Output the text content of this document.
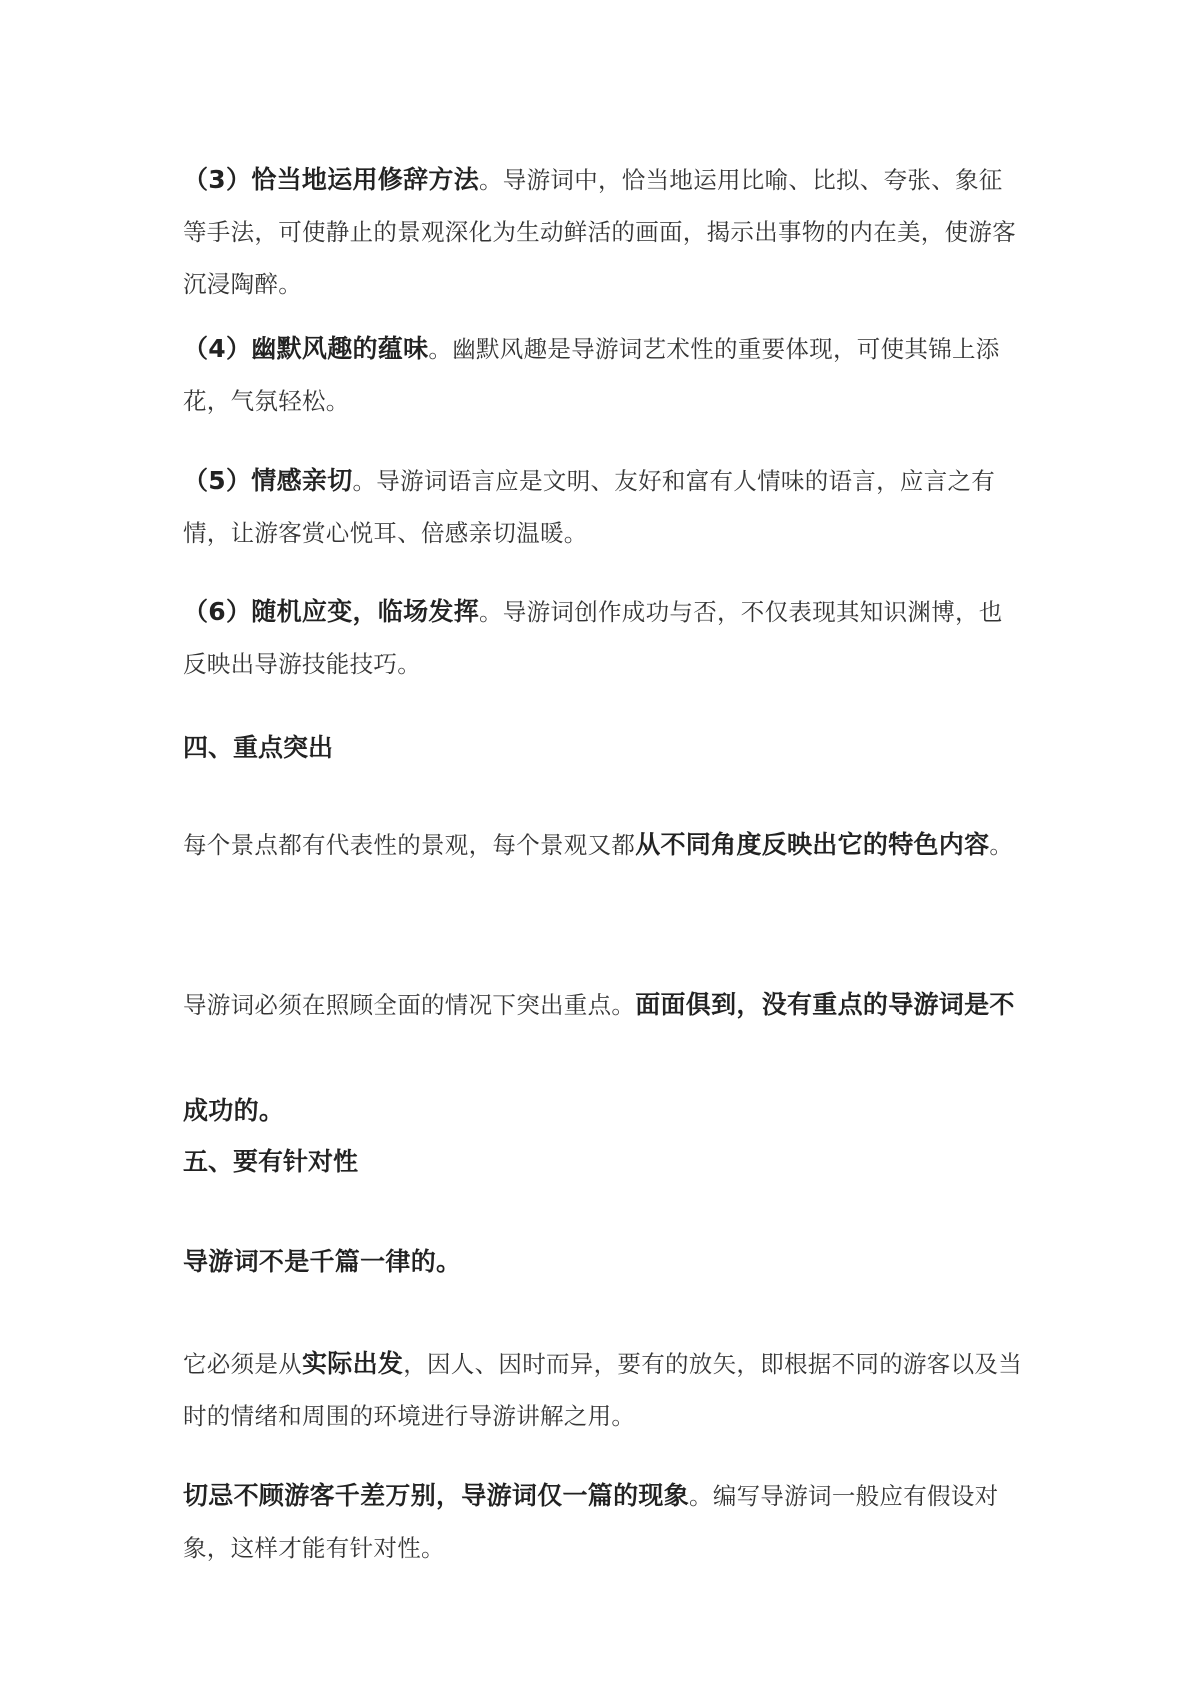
（3）恰当地运用修辞方法。导游词中，恰当地运用比喻、比拟、夸张、象征等手法，可使静止的景观深化为生动鲜活的画面，揭示出事物的内在美，使游客沉浸陶醉。

（4）幽默风趣的蕴味。幽默风趣是导游词艺术性的重要体现，可使其锦上添花，气氛轻松。

（5）情感亲切。导游词语言应是文明、友好和富有人情味的语言，应言之有情，让游客赏心悦耳、倍感亲切温暖。

（6）随机应变，临场发挥。导游词创作成功与否，不仅表现其知识渊博，也反映出导游技能技巧。

四、重点突出

每个景点都有代表性的景观，每个景观又都从不同角度反映出它的特色内容。

导游词必须在照顾全面的情况下突出重点。面面俱到，没有重点的导游词是不成功的。

五、要有针对性

导游词不是千篇一律的。

它必须是从实际出发，因人、因时而异，要有的放矢，即根据不同的游客以及当时的情绪和周围的环境进行导游讲解之用。

切忌不顾游客千差万别，导游词仅一篇的现象。编写导游词一般应有假设对象，这样才能有针对性。
